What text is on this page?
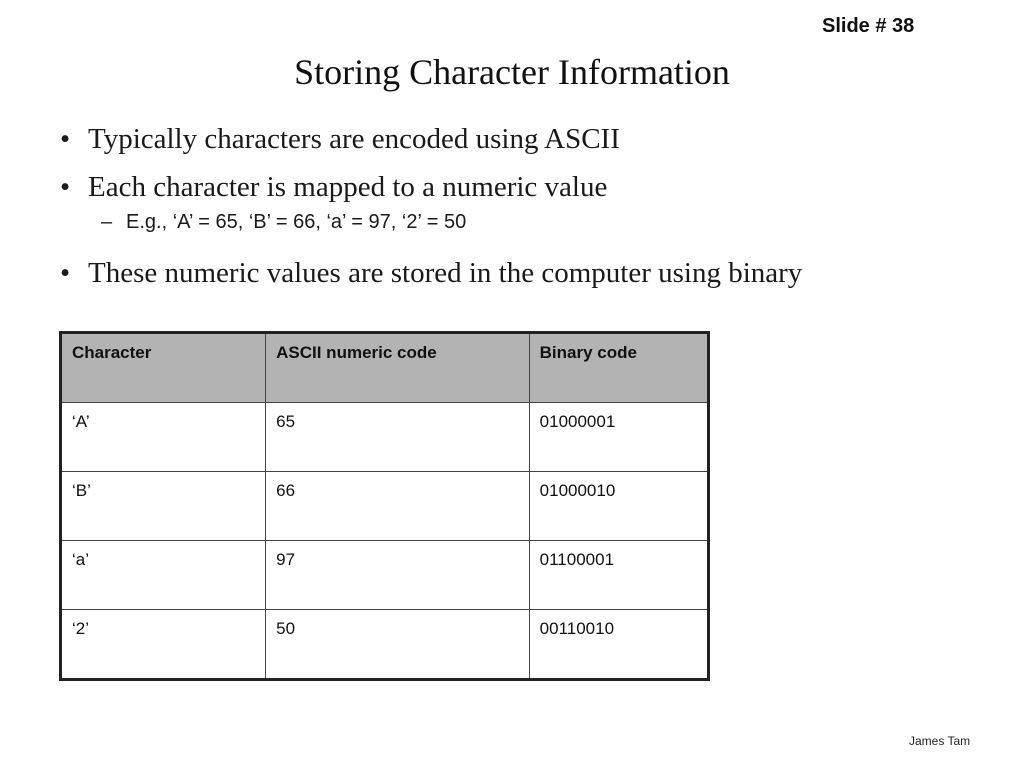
Slide # 38
Storing Character Information
• Typically characters are encoded using ASCII
• Each character is mapped to a numeric value
– E.g., ‘A’ = 65, ‘B’ = 66, ‘a’ = 97, ‘2’ = 50
• These numeric values are stored in the computer using binary
Character	ASCII numeric code	Binary code
‘A’	65	01000001
‘B’	66	01000010
‘a’	97	01100001
‘2’	50	00110010
James Tam
